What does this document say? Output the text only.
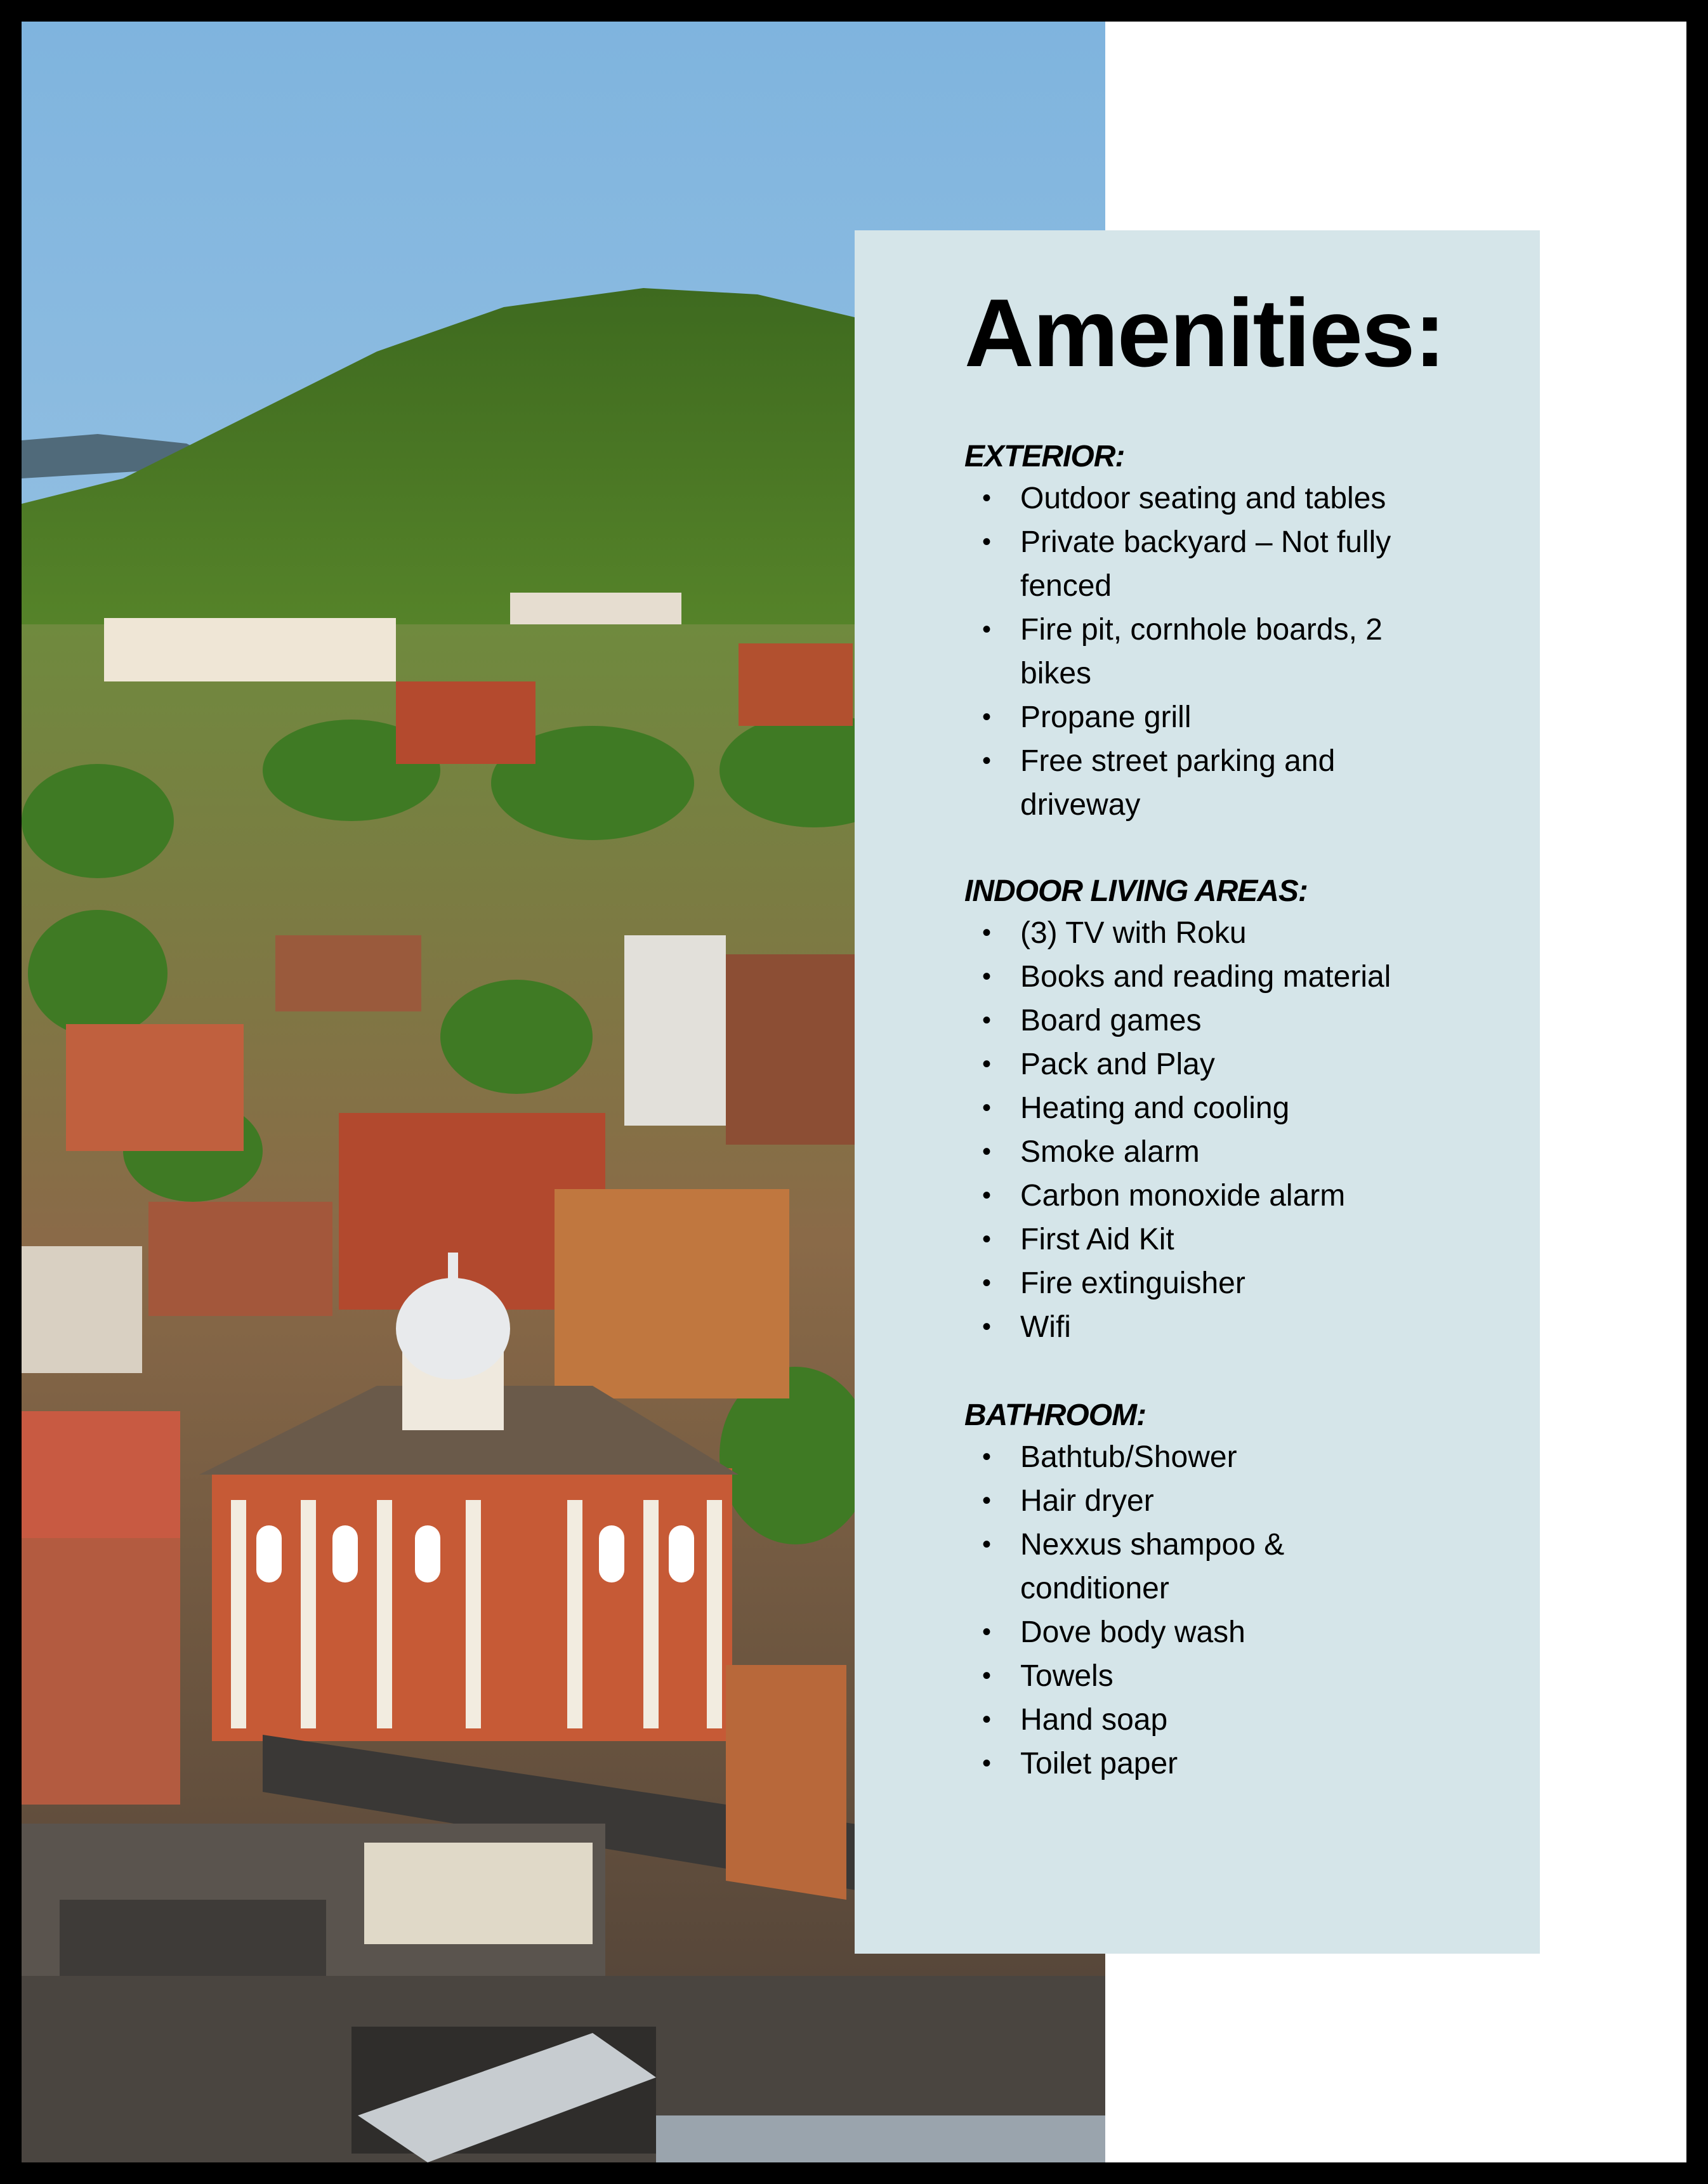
Amenities:
EXTERIOR:
• Outdoor seating and tables
• Private backyard – Not fully fenced
• Fire pit, cornhole boards, 2 bikes
• Propane grill
• Free street parking and driveway
INDOOR LIVING AREAS:
• (3) TV with Roku
• Books and reading material
• Board games
• Pack and Play
• Heating and cooling
• Smoke alarm
• Carbon monoxide alarm
• First Aid Kit
• Fire extinguisher
• Wifi
BATHROOM:
• Bathtub/Shower
• Hair dryer
• Nexxus shampoo & conditioner
• Dove body wash
• Towels
• Hand soap
• Toilet paper
